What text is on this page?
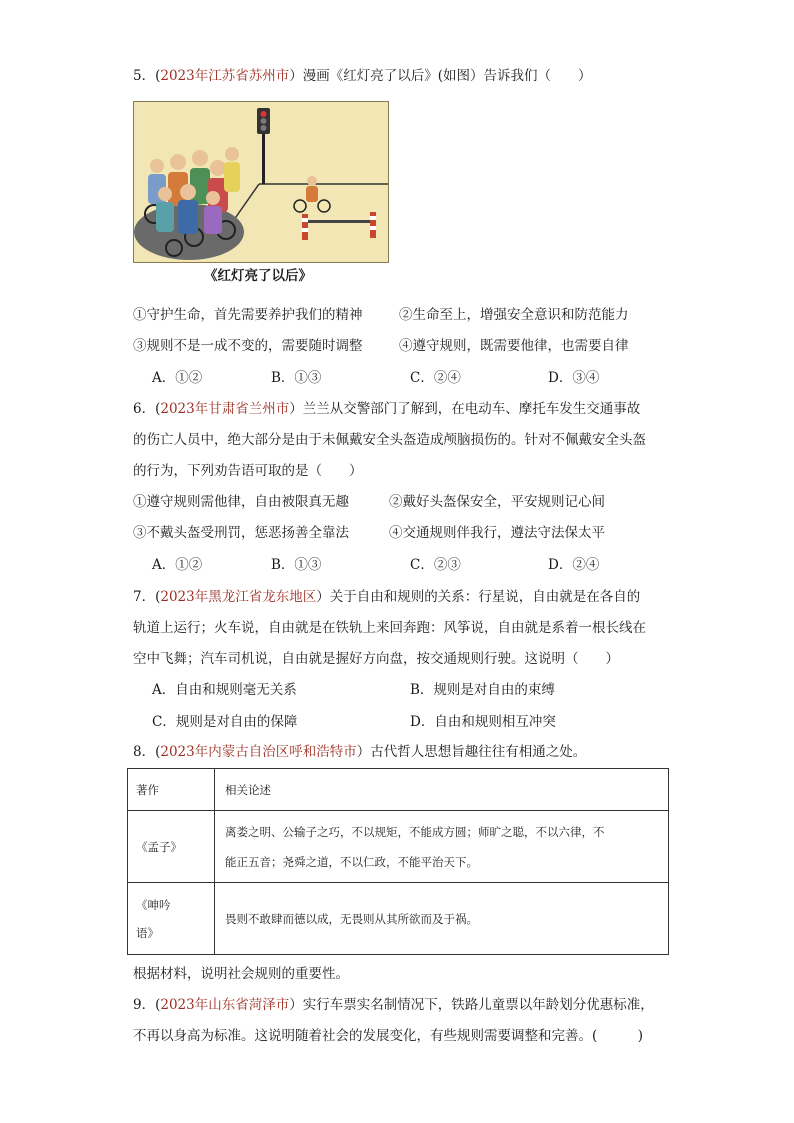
5．(2023年江苏省苏州市）漫画《红灯亮了以后》(如图）告诉我们（　　）
《红灯亮了以后》
①守护生命，首先需要养护我们的精神	②生命至上，增强安全意识和防范能力
③规则不是一成不变的，需要随时调整	④遵守规则，既需要他律，也需要自律
A．①②	B．①③	C．②④	D．③④
6．(2023年甘肃省兰州市）兰兰从交警部门了解到，在电动车、摩托车发生交通事故
的伤亡人员中，绝大部分是由于未佩戴安全头盔造成颅脑损伤的。针对不佩戴安全头盔
的行为，下列劝告语可取的是（　　）
①遵守规则需他律，自由被限真无趣	②戴好头盔保安全，平安规则记心间
③不戴头盔受刑罚，惩恶扬善全靠法	④交通规则伴我行，遵法守法保太平
A．①②	B．①③	C．②③	D．②④
7．(2023年黑龙江省龙东地区）关于自由和规则的关系：行星说，自由就是在各自的
轨道上运行；火车说，自由就是在铁轨上来回奔跑：风筝说，自由就是系着一根长线在
空中飞舞；汽车司机说，自由就是握好方向盘，按交通规则行驶。这说明（　　）
A．自由和规则毫无关系	B．规则是对自由的束缚
C．规则是对自由的保障	D．自由和规则相互冲突
8．(2023年内蒙古自治区呼和浩特市）古代哲人思想旨趣往往有相通之处。
著作	相关论述
《孟子》	离娄之明、公输子之巧，不以规矩，不能成方圆；师旷之聪，不以六律，不
能正五音；尧舜之道，不以仁政，不能平治天下。

《呻吟
语》	畏则不敢肆而德以成，无畏则从其所欲而及于祸。
根据材料，说明社会规则的重要性。
9．(2023年山东省菏泽市）实行车票实名制情况下，铁路儿童票以年龄划分优惠标准，
不再以身高为标准。这说明随着社会的发展变化，有些规则需要调整和完善。(　　　)
